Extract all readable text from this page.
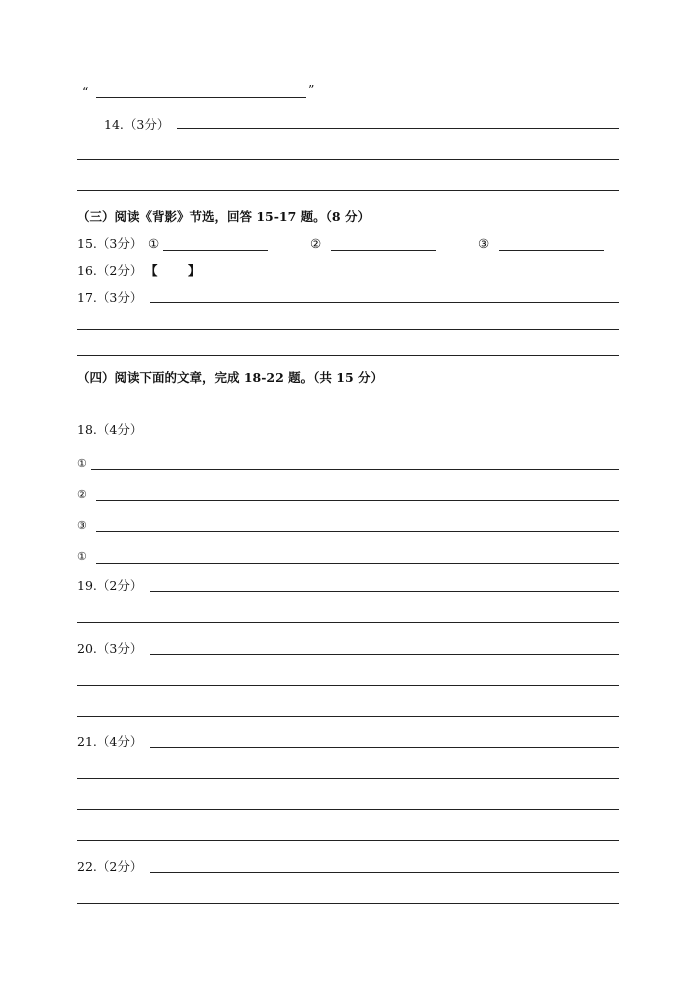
“	”
14.（3分）
（三）阅读《背影》节选，回答 15-17 题。（8 分）
15.（3分） ①	②	③
16.（2分） 【 】
17.（3分）
（四）阅读下面的文章，完成 18-22 题。（共 15 分）
18.（4分）
①
②
③
①
19.（2分）
20.（3分）
21.（4分）
22.（2分）
